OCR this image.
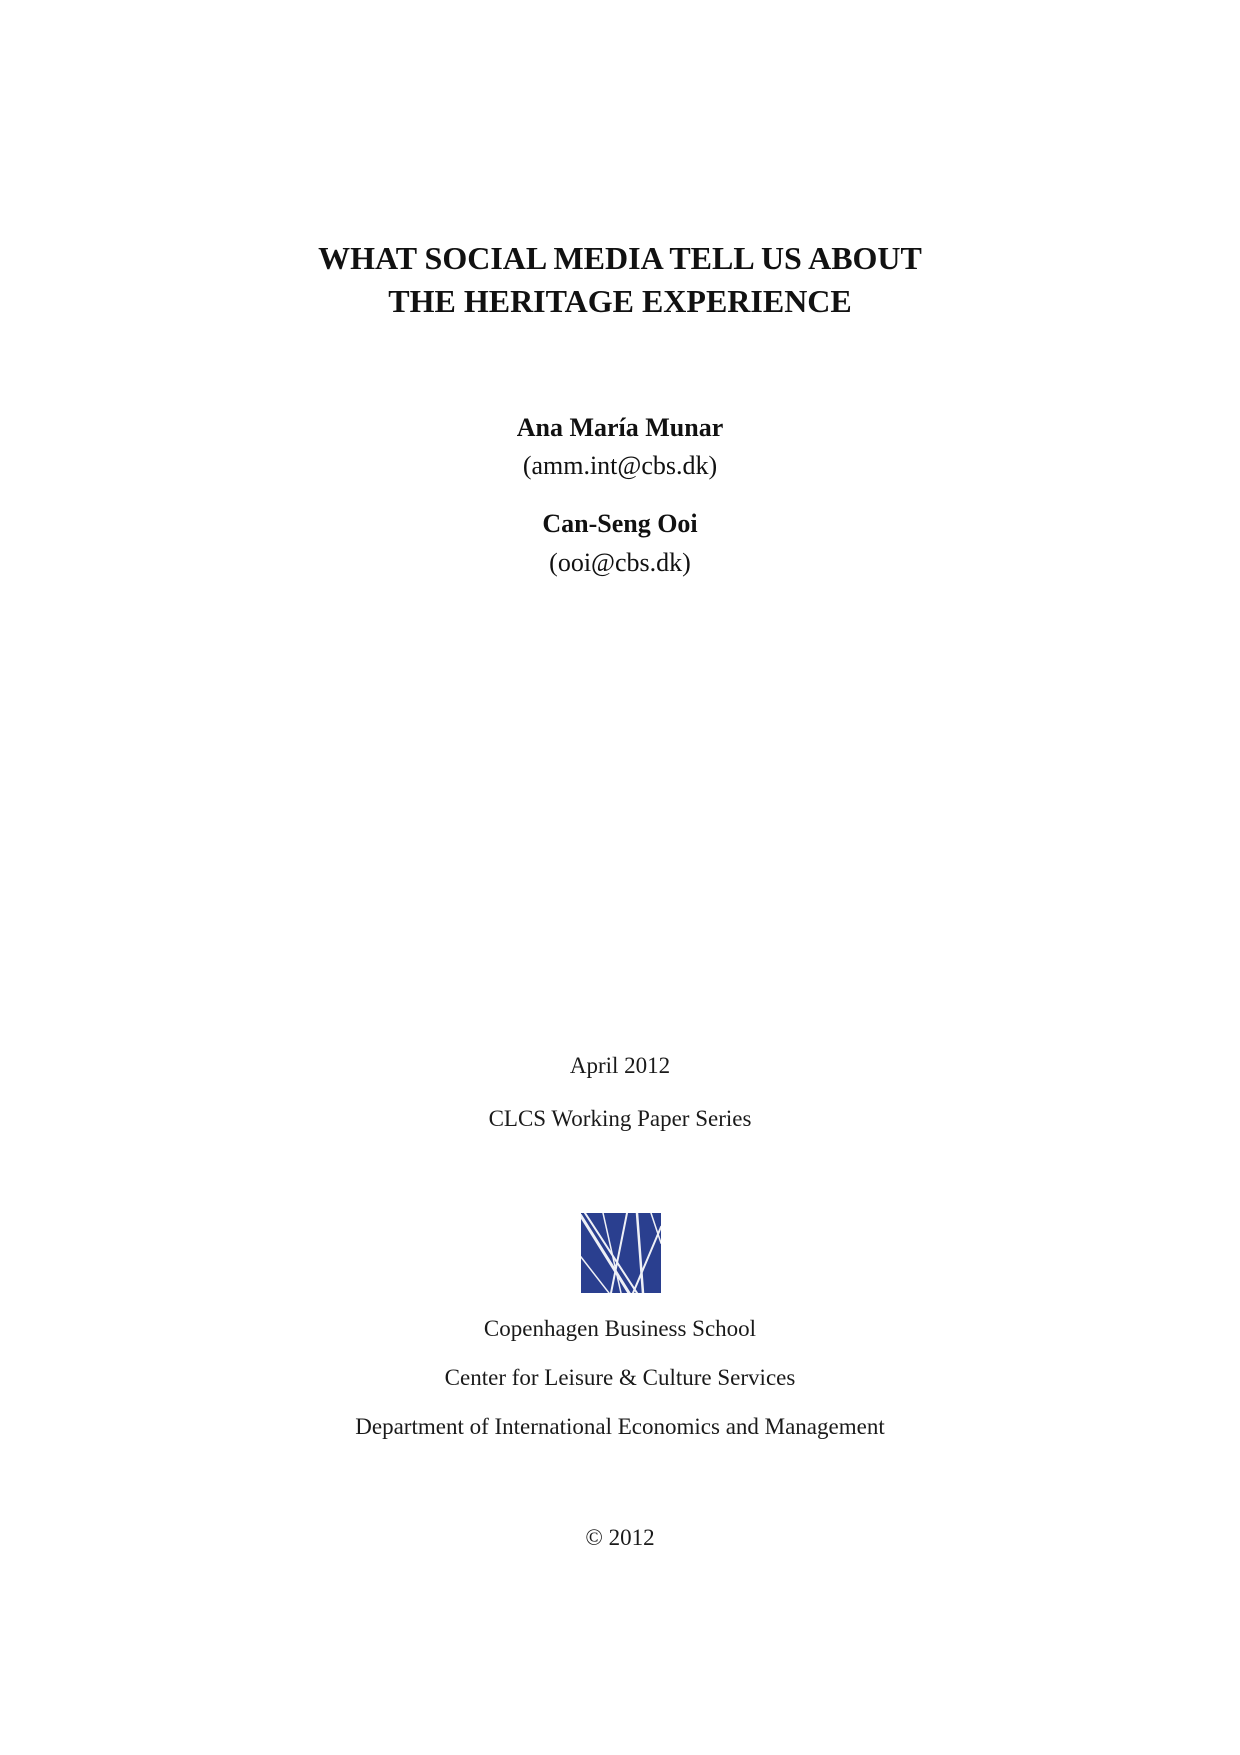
WHAT SOCIAL MEDIA TELL US ABOUT
THE HERITAGE EXPERIENCE
Ana María Munar
(amm.int@cbs.dk)
Can-Seng Ooi
(ooi@cbs.dk)
April 2012
CLCS Working Paper Series
Copenhagen Business School
Center for Leisure & Culture Services
Department of International Economics and Management
© 2012
